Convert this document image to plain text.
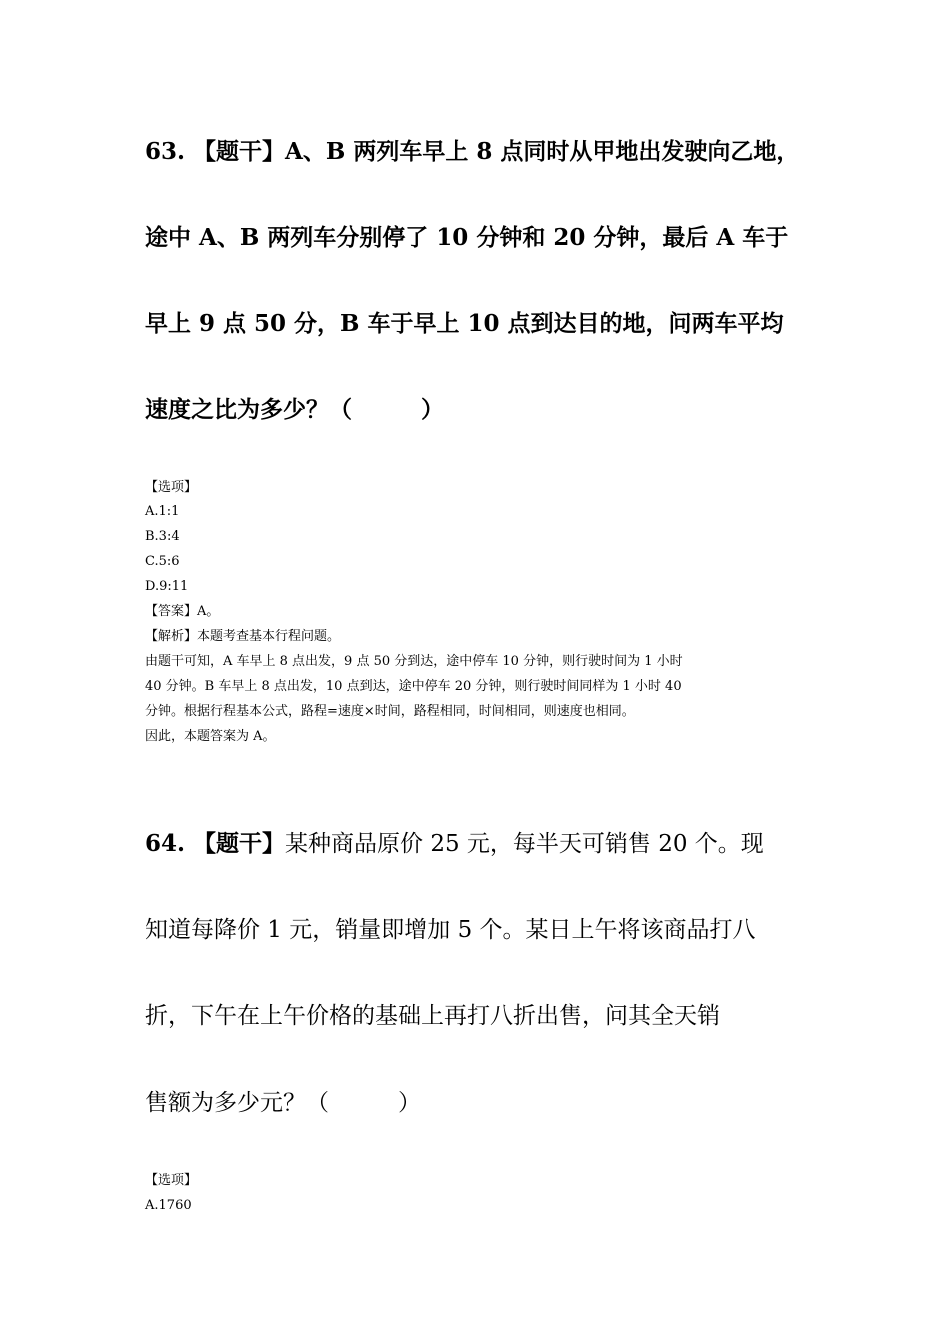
63. 【题干】A、B 两列车早上 8 点同时从甲地出发驶向乙地，
途中 A、B 两列车分别停了 10 分钟和 20 分钟，最后 A 车于
早上 9 点 50 分，B 车于早上 10 点到达目的地，问两车平均
速度之比为多少？（　　　）
【选项】
A.1:1
B.3:4
C.5:6
D.9:11
【答案】A。
【解析】本题考查基本行程问题。
由题干可知，A 车早上 8 点出发，9 点 50 分到达，途中停车 10 分钟，则行驶时间为 1 小时
40 分钟。B 车早上 8 点出发，10 点到达，途中停车 20 分钟，则行驶时间同样为 1 小时 40
分钟。根据行程基本公式，路程=速度×时间，路程相同，时间相同，则速度也相同。
因此，本题答案为 A。
64. 【题干】某种商品原价 25 元，每半天可销售 20 个。现
知道每降价 1 元，销量即增加 5 个。某日上午将该商品打八
折，下午在上午价格的基础上再打八折出售，问其全天销
售额为多少元？（　　　）
【选项】
A.1760
